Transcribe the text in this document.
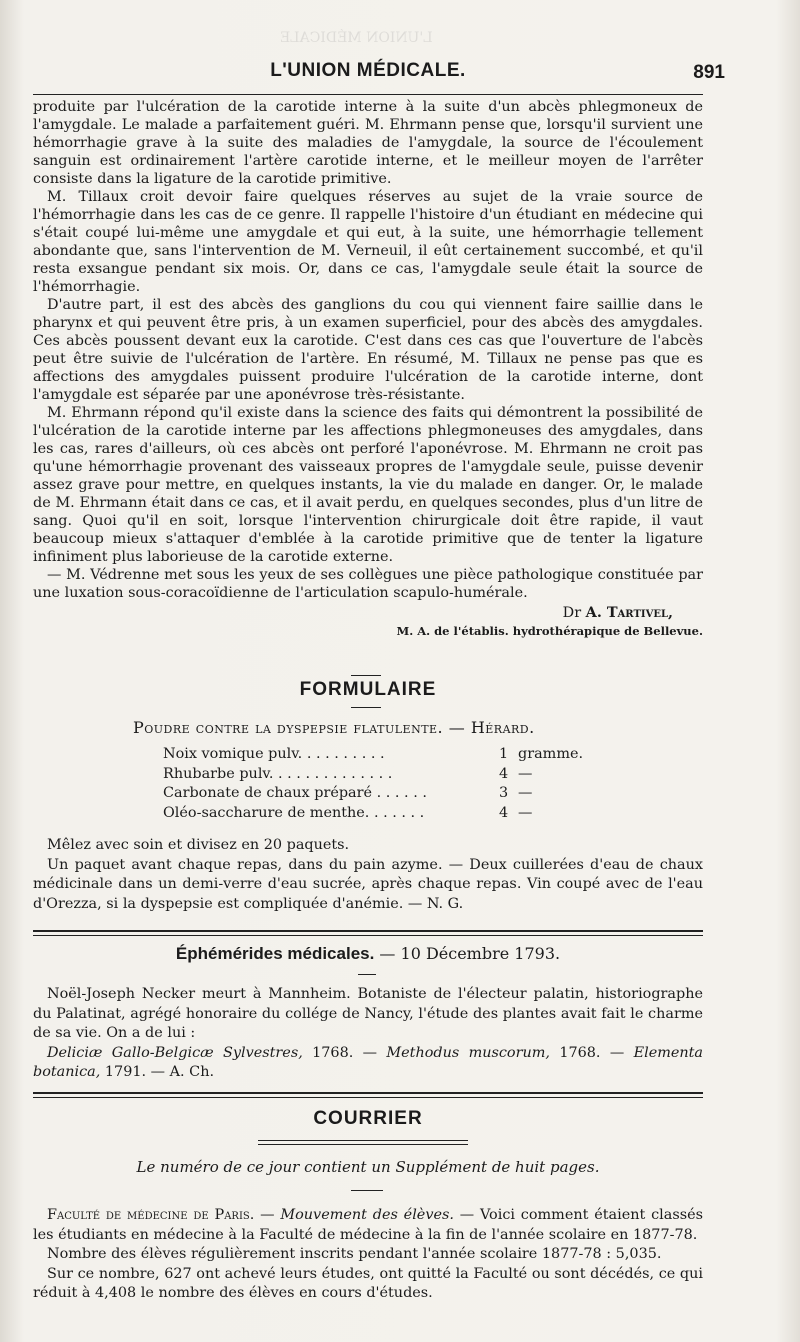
L'UNION MÉDICALE
L'UNION MÉDICALE.	891

produite par l'ulcération de la carotide interne à la suite d'un abcès phlegmoneux de l'amygdale. Le malade a parfaitement guéri. M. Ehrmann pense que, lorsqu'il survient une hémorrhagie grave à la suite des maladies de l'amygdale, la source de l'écoulement sanguin est ordinairement l'artère carotide interne, et le meilleur moyen de l'arrêter consiste dans la ligature de la carotide primitive.

M. Tillaux croit devoir faire quelques réserves au sujet de la vraie source de l'hémorrhagie dans les cas de ce genre. Il rappelle l'histoire d'un étudiant en médecine qui s'était coupé lui-même une amygdale et qui eut, à la suite, une hémorrhagie tellement abondante que, sans l'intervention de M. Verneuil, il eût certainement succombé, et qu'il resta exsangue pendant six mois. Or, dans ce cas, l'amygdale seule était la source de l'hémorrhagie.

D'autre part, il est des abcès des ganglions du cou qui viennent faire saillie dans le pharynx et qui peuvent être pris, à un examen superficiel, pour des abcès des amygdales. Ces abcès poussent devant eux la carotide. C'est dans ces cas que l'ouverture de l'abcès peut être suivie de l'ulcération de l'artère. En résumé, M. Tillaux ne pense pas que es affections des amygdales puissent produire l'ulcération de la carotide interne, dont l'amygdale est séparée par une aponévrose très-résistante.

M. Ehrmann répond qu'il existe dans la science des faits qui démontrent la possibilité de l'ulcération de la carotide interne par les affections phlegmoneuses des amygdales, dans les cas, rares d'ailleurs, où ces abcès ont perforé l'aponévrose. M. Ehrmann ne croit pas qu'une hémorrhagie provenant des vaisseaux propres de l'amygdale seule, puisse devenir assez grave pour mettre, en quelques instants, la vie du malade en danger. Or, le malade de M. Ehrmann était dans ce cas, et il avait perdu, en quelques secondes, plus d'un litre de sang. Quoi qu'il en soit, lorsque l'intervention chirurgicale doit être rapide, il vaut beaucoup mieux s'attaquer d'emblée à la carotide primitive que de tenter la ligature infiniment plus laborieuse de la carotide externe.

— M. Védrenne met sous les yeux de ses collègues une pièce pathologique constituée par une luxation sous-coracoïdienne de l'articulation scapulo-humérale.

Dr A. Tartivel,
M. A. de l'établis. hydrothérapique de Bellevue.
FORMULAIRE
Poudre contre la dyspepsie flatulente. — Hérard.
Noix vomique pulv. . . . . . . . . .	1 gramme.
Rhubarbe pulv. . . . . . . . . . . . . .	4 —
Carbonate de chaux préparé . . . . . .	3 —
Oléo-saccharure de menthe. . . . . . .	4 —

Mêlez avec soin et divisez en 20 paquets.

Un paquet avant chaque repas, dans du pain azyme. — Deux cuillerées d'eau de chaux médicinale dans un demi-verre d'eau sucrée, après chaque repas. Vin coupé avec de l'eau d'Orezza, si la dyspepsie est compliquée d'anémie. — N. G.

Éphémérides médicales. — 10 Décembre 1793.

Noël-Joseph Necker meurt à Mannheim. Botaniste de l'électeur palatin, historiographe du Palatinat, agrégé honoraire du collége de Nancy, l'étude des plantes avait fait le charme de sa vie. On a de lui :

Deliciæ Gallo-Belgicæ Sylvestres, 1768. — Methodus muscorum, 1768. — Elementa botanica, 1791. — A. Ch.

COURRIER
Le numéro de ce jour contient un Supplément de huit pages.

Faculté de médecine de Paris. — Mouvement des élèves. — Voici comment étaient classés les étudiants en médecine à la Faculté de médecine à la fin de l'année scolaire en 1877-78.

Nombre des élèves régulièrement inscrits pendant l'année scolaire 1877-78 : 5,035.

Sur ce nombre, 627 ont achevé leurs études, ont quitté la Faculté ou sont décédés, ce qui réduit à 4,408 le nombre des élèves en cours d'études.
